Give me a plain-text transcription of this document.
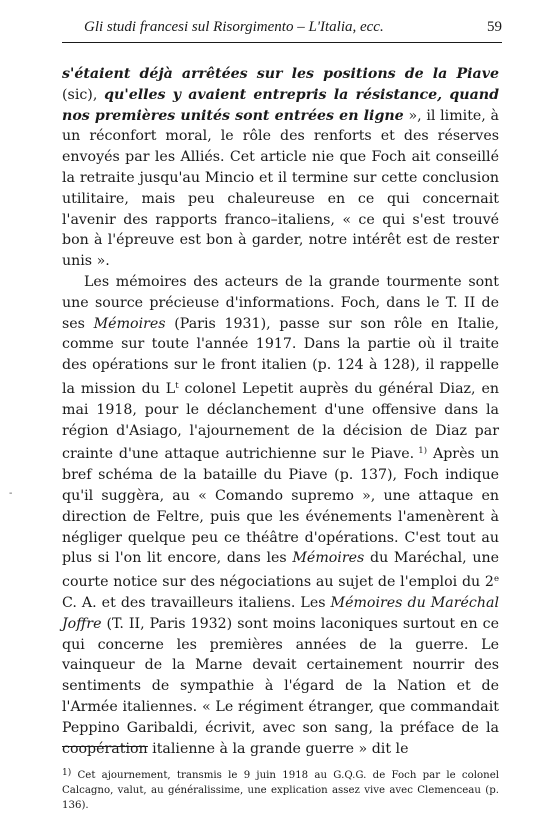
Gli studi francesi sul Risorgimento – L'Italia, ecc.	59

s'étaient déjà arrêtées sur les positions de la Piave (sic), qu'elles y avaient entrepris la résistance, quand nos premières unités sont entrées en ligne », il limite, à un réconfort moral, le rôle des renforts et des réserves envoyés par les Alliés. Cet article nie que Foch ait conseillé la retraite jusqu'au Mincio et il termine sur cette conclusion utilitaire, mais peu chaleureuse en ce qui concernait l'avenir des rapports franco–italiens, « ce qui s'est trouvé bon à l'épreuve est bon à garder, notre intérêt est de rester unis ».

Les mémoires des acteurs de la grande tourmente sont une source précieuse d'informations. Foch, dans le T. II de ses Mémoires (Paris 1931), passe sur son rôle en Italie, comme sur toute l'année 1917. Dans la partie où il traite des opérations sur le front italien (p. 124 à 128), il rappelle la mission du $L^t$ colonel Lepetit auprès du général Diaz, en mai 1918, pour le déclanchement d'une offensive dans la région d'Asiago, l'ajournement de la décision de Diaz par crainte d'une attaque autrichienne sur le Piave. $^{1)}$ Après un bref schéma de la bataille du Piave (p. 137), Foch indique qu'il suggèra, au « Comando supremo », une attaque en direction de Feltre, puis que les événements l'amenèrent à négliger quelque peu ce théâtre d'opérations. C'est tout au plus si l'on lit encore, dans les Mémoires du Maréchal, une courte notice sur des négociations au sujet de l'emploi du 2e C. A. et des travailleurs italiens. Les Mémoires du Maréchal Joffre (T. II, Paris 1932) sont moins laconiques surtout en ce qui concerne les premières années de la guerre. Le vainqueur de la Marne devait certainement nourrir des sentiments de sympathie à l'égard de la Nation et de l'Armée italiennes. « Le régiment étranger, que commandait Peppino Garibaldi, écrivit, avec son sang, la préface de la coopération italienne à la grande guerre » dit le

-
1) Cet ajournement, transmis le 9 juin 1918 au G.Q.G. de Foch par le colonel Calcagno, valut, au généralissime, une explication assez vive avec Clemenceau (p. 136).
